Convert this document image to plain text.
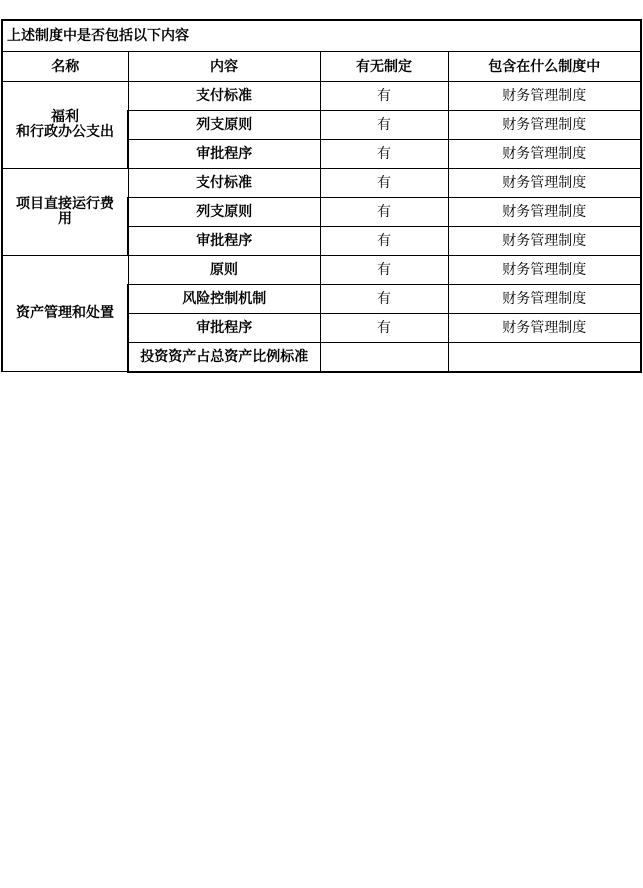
上述制度中是否包括以下内容			
名称	内容	有无制定	包含在什么制度中
福利
和行政办公支出	支付标准	有	财务管理制度
	列支原则	有	财务管理制度
	审批程序	有	财务管理制度
项目直接运行费
用	支付标准	有	财务管理制度
	列支原则	有	财务管理制度
	审批程序	有	财务管理制度
资产管理和处置	原则	有	财务管理制度
	风险控制机制	有	财务管理制度
	审批程序	有	财务管理制度
	投资资产占总资产比例标准		
